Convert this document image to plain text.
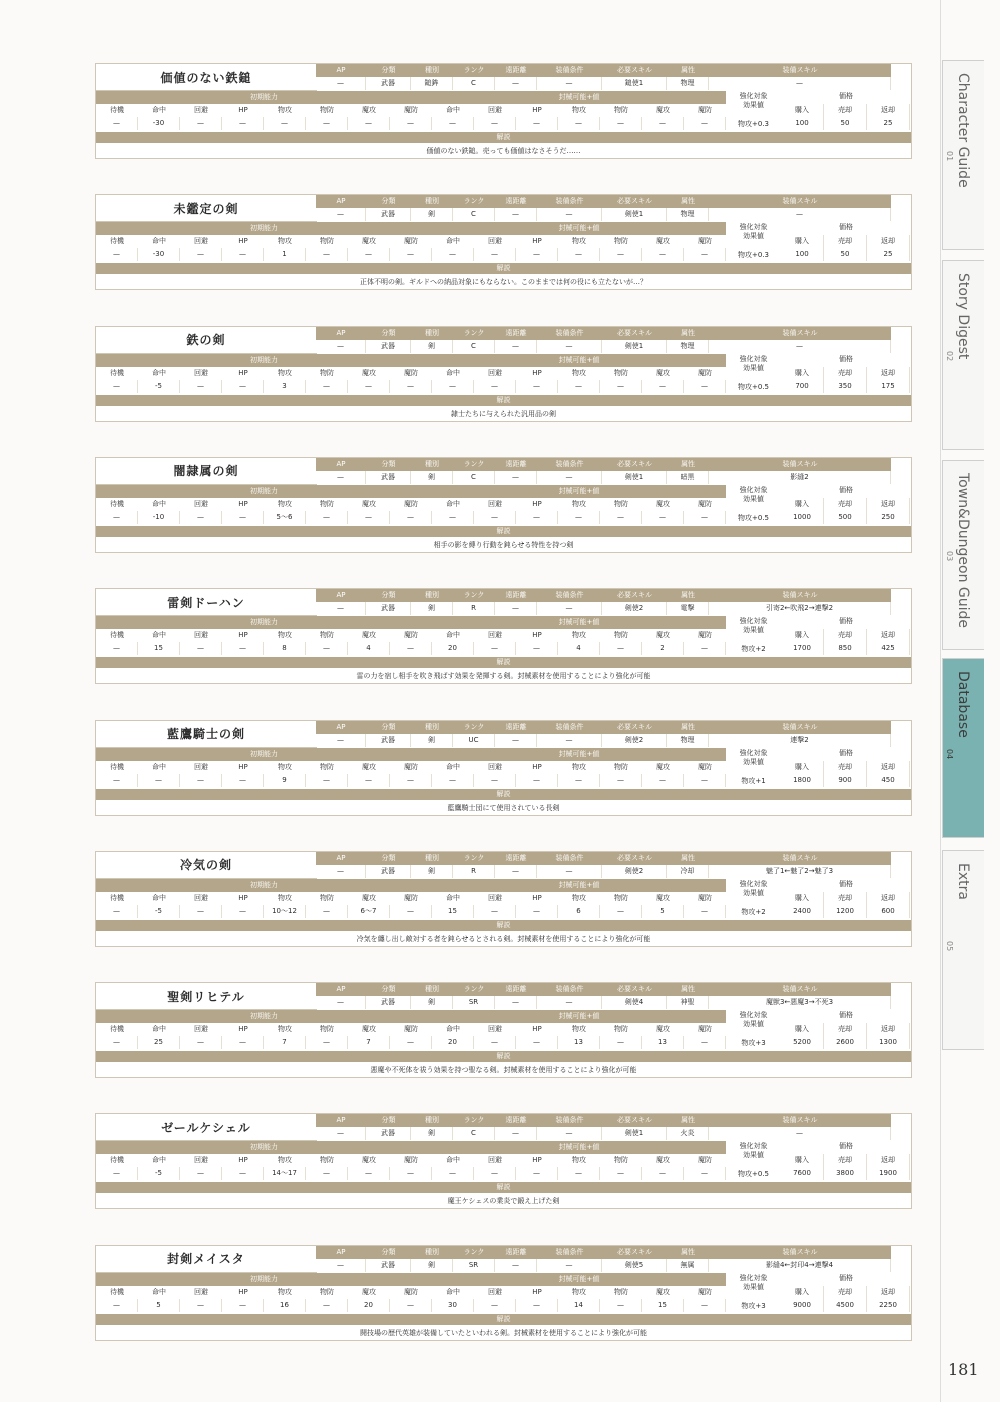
価値のない鉄鎚
AP	分類	種別	ランク	遠距離	装備条件	必要スキル	属性	装備スキル
—	武器	鎚鉾	C	—	—	鎚使1	物理	—
初期能力	封械可能+値
待機	命中	回避	HP	物攻	物防	魔攻	魔防	命中	回避	HP	物攻	物防	魔攻	魔防
—	-30	—	—	—	—	—	—	—	—	—	—	—	—	—
強化対象
効果値
物攻+0.3
価格
購入	売却	返却
100	50	25
解説
価値のない鉄鎚。売っても価値はなさそうだ……
未鑑定の剣
AP	分類	種別	ランク	遠距離	装備条件	必要スキル	属性	装備スキル
—	武器	剣	C	—	—	剣使1	物理	—
初期能力	封械可能+値
待機	命中	回避	HP	物攻	物防	魔攻	魔防	命中	回避	HP	物攻	物防	魔攻	魔防
—	-30	—	—	1	—	—	—	—	—	—	—	—	—	—
強化対象
効果値
物攻+0.3
価格
購入	売却	返却
100	50	25
解説
正体不明の剣。ギルドへの納品対象にもならない。このままでは何の役にも立たないが…？
鉄の剣
AP	分類	種別	ランク	遠距離	装備条件	必要スキル	属性	装備スキル
—	武器	剣	C	—	—	剣使1	物理	—
初期能力	封械可能+値
待機	命中	回避	HP	物攻	物防	魔攻	魔防	命中	回避	HP	物攻	物防	魔攻	魔防
—	-5	—	—	3	—	—	—	—	—	—	—	—	—	—
強化対象
効果値
物攻+0.5
価格
購入	売却	返却
700	350	175
解説
隷士たちに与えられた汎用品の剣
闇隷属の剣
AP	分類	種別	ランク	遠距離	装備条件	必要スキル	属性	装備スキル
—	武器	剣	C	—	—	剣使1	暗黒	影縫2
初期能力	封械可能+値
待機	命中	回避	HP	物攻	物防	魔攻	魔防	命中	回避	HP	物攻	物防	魔攻	魔防
—	-10	—	—	5～6	—	—	—	—	—	—	—	—	—	—
強化対象
効果値
物攻+0.5
価格
購入	売却	返却
1000	500	250
解説
相手の影を縛り行動を鈍らせる特性を持つ剣
雷剣ドーハン
AP	分類	種別	ランク	遠距離	装備条件	必要スキル	属性	装備スキル
—	武器	剣	R	—	—	剣使2	電撃	引寄2←吹飛2→連撃2
初期能力	封械可能+値
待機	命中	回避	HP	物攻	物防	魔攻	魔防	命中	回避	HP	物攻	物防	魔攻	魔防
—	15	—	—	8	—	4	—	20	—	—	4	—	2	—
強化対象
効果値
物攻+2
価格
購入	売却	返却
1700	850	425
解説
雷の力を宿し相手を吹き飛ばす効果を発揮する剣。封械素材を使用することにより強化が可能
藍鷹騎士の剣
AP	分類	種別	ランク	遠距離	装備条件	必要スキル	属性	装備スキル
—	武器	剣	UC	—	—	剣使2	物理	連撃2
初期能力	封械可能+値
待機	命中	回避	HP	物攻	物防	魔攻	魔防	命中	回避	HP	物攻	物防	魔攻	魔防
—	—	—	—	9	—	—	—	—	—	—	—	—	—	—
強化対象
効果値
物攻+1
価格
購入	売却	返却
1800	900	450
解説
藍鷹騎士団にて使用されている長剣
冷気の剣
AP	分類	種別	ランク	遠距離	装備条件	必要スキル	属性	装備スキル
—	武器	剣	R	—	—	剣使2	冷却	魅了1←魅了2→魅了3
初期能力	封械可能+値
待機	命中	回避	HP	物攻	物防	魔攻	魔防	命中	回避	HP	物攻	物防	魔攻	魔防
—	-5	—	—	10～12	—	6～7	—	15	—	—	6	—	5	—
強化対象
効果値
物攻+2
価格
購入	売却	返却
2400	1200	600
解説
冷気を纏し出し敵対する者を鈍らせるとされる剣。封械素材を使用することにより強化が可能
聖剣リヒテル
AP	分類	種別	ランク	遠距離	装備条件	必要スキル	属性	装備スキル
—	武器	剣	SR	—	—	剣使4	神聖	魔獣3←悪魔3→不死3
初期能力	封械可能+値
待機	命中	回避	HP	物攻	物防	魔攻	魔防	命中	回避	HP	物攻	物防	魔攻	魔防
—	25	—	—	7	—	7	—	20	—	—	13	—	13	—
強化対象
効果値
物攻+3
価格
購入	売却	返却
5200	2600	1300
解説
悪魔や不死体を祓う効果を持つ聖なる剣。封械素材を使用することにより強化が可能
ゼールケシェル
AP	分類	種別	ランク	遠距離	装備条件	必要スキル	属性	装備スキル
—	武器	剣	C	—	—	剣使1	火炎	—
初期能力	封械可能+値
待機	命中	回避	HP	物攻	物防	魔攻	魔防	命中	回避	HP	物攻	物防	魔攻	魔防
—	-5	—	—	14～17	—	—	—	—	—	—	—	—	—	—
強化対象
効果値
物攻+0.5
価格
購入	売却	返却
7600	3800	1900
解説
魔王ケシェスの業炎で鍛え上げた剣
封剣メイスタ
AP	分類	種別	ランク	遠距離	装備条件	必要スキル	属性	装備スキル
—	武器	剣	SR	—	—	剣使5	無属	影縫4←封印4→連撃4
初期能力	封械可能+値
待機	命中	回避	HP	物攻	物防	魔攻	魔防	命中	回避	HP	物攻	物防	魔攻	魔防
—	5	—	—	16	—	20	—	30	—	—	14	—	15	—
強化対象
効果値
物攻+3
価格
購入	売却	返却
9000	4500	2250
解説
闘技場の歴代英雄が装備していたといわれる剣。封械素材を使用することにより強化が可能
Character Guide
01
Story Digest
02
Town&Dungeon Guide
03
Database
04
Extra
05
181
